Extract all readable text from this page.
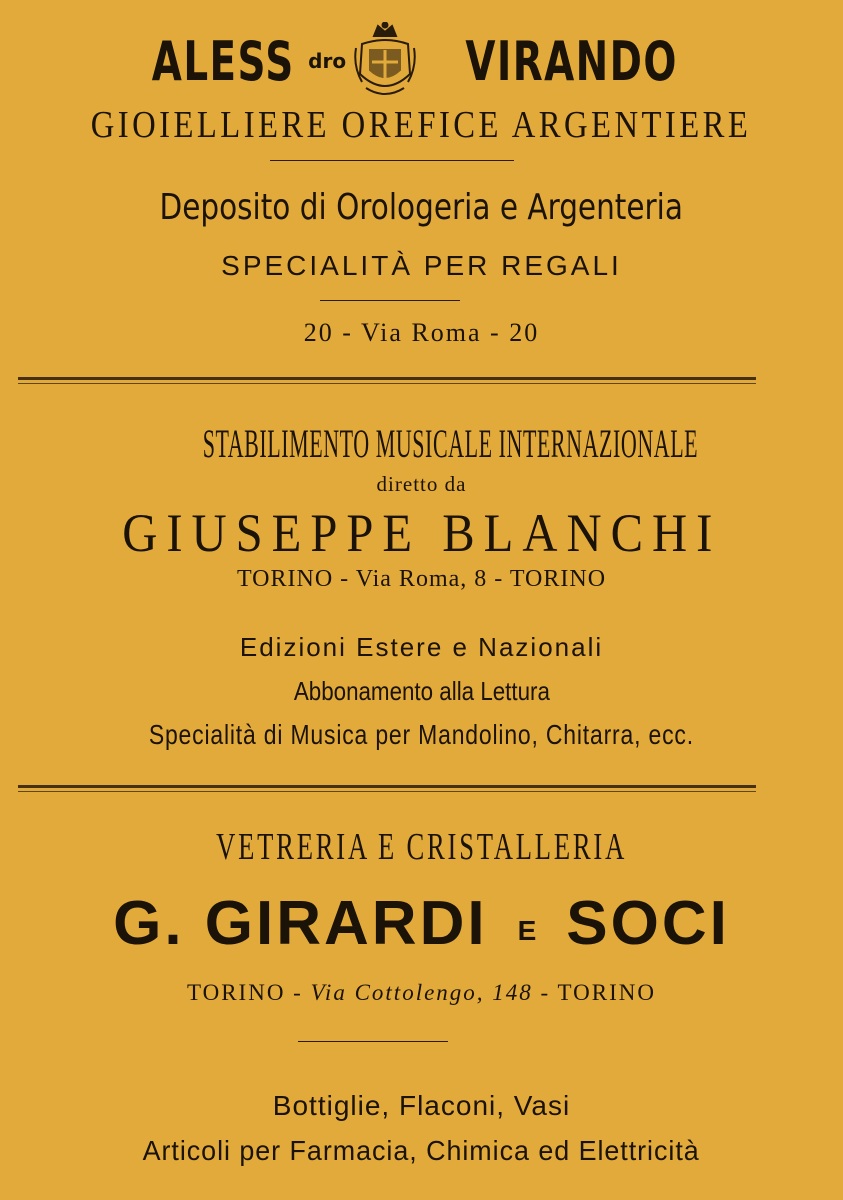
ALESS dro VIRANDO
GIOIELLIERE OREFICE ARGENTIERE
Deposito di Orologeria e Argenteria
SPECIALITÀ PER REGALI
20 - Via Roma - 20
STABILIMENTO MUSICALE INTERNAZIONALE
diretto da
GIUSEPPE BLANCHI
TORINO - Via Roma, 8 - TORINO
Edizioni Estere e Nazionali
Abbonamento alla Lettura
Specialità di Musica per Mandolino, Chitarra, ecc.
VETRERIA E CRISTALLERIA
G. GIRARDI E SOCI
TORINO - Via Cottolengo, 148 - TORINO
Bottiglie, Flaconi, Vasi
Articoli per Farmacia, Chimica ed Elettricità
